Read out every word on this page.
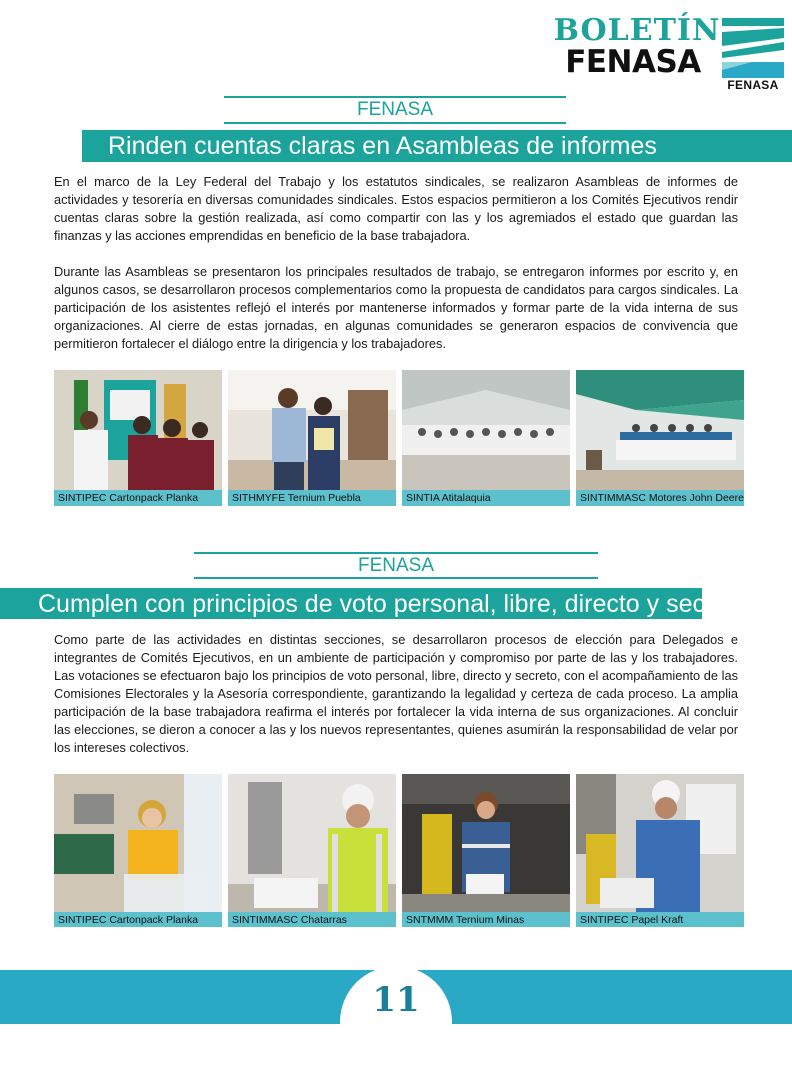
BOLETÍN
FENASA
FENASA
FENASA
Rinden cuentas claras en Asambleas de informes

En el marco de la Ley Federal del Trabajo y los estatutos sindicales, se realizaron Asambleas de informes de actividades y tesorería en diversas comunidades sindicales. Estos espacios permitieron a los Comités Ejecutivos rendir cuentas claras sobre la gestión realizada, así como compartir con las y los agremiados el estado que guardan las finanzas y las acciones emprendidas en beneficio de la base trabajadora.

Durante las Asambleas se presentaron los principales resultados de trabajo, se entregaron informes por escrito y, en algunos casos, se desarrollaron procesos complementarios como la propuesta de candidatos para cargos sindicales. La participación de los asistentes reflejó el interés por mantenerse informados y formar parte de la vida interna de sus organizaciones. Al cierre de estas jornadas, en algunas comunidades se generaron espacios de convivencia que permitieron fortalecer el diálogo entre la dirigencia y los trabajadores.

SINTIPEC Cartonpack Planka	SITHMYFE Ternium Puebla	SINTIA Atitalaquia	SINTIMMASC Motores John Deere
FENASA
Cumplen con principios de voto personal, libre, directo y secreto

Como parte de las actividades en distintas secciones, se desarrollaron procesos de elección para Delegados e integrantes de Comités Ejecutivos, en un ambiente de participación y compromiso por parte de las y los trabajadores. Las votaciones se efectuaron bajo los principios de voto personal, libre, directo y secreto, con el acompañamiento de las Comisiones Electorales y la Asesoría correspondiente, garantizando la legalidad y certeza de cada proceso. La amplia participación de la base trabajadora reafirma el interés por fortalecer la vida interna de sus organizaciones. Al concluir las elecciones, se dieron a conocer a las y los nuevos representantes, quienes asumirán la responsabilidad de velar por los intereses colectivos.

SINTIPEC Cartonpack Planka	SINTIMMASC Chatarras	SNTMMM Ternium Minas	SINTIPEC Papel Kraft
11
